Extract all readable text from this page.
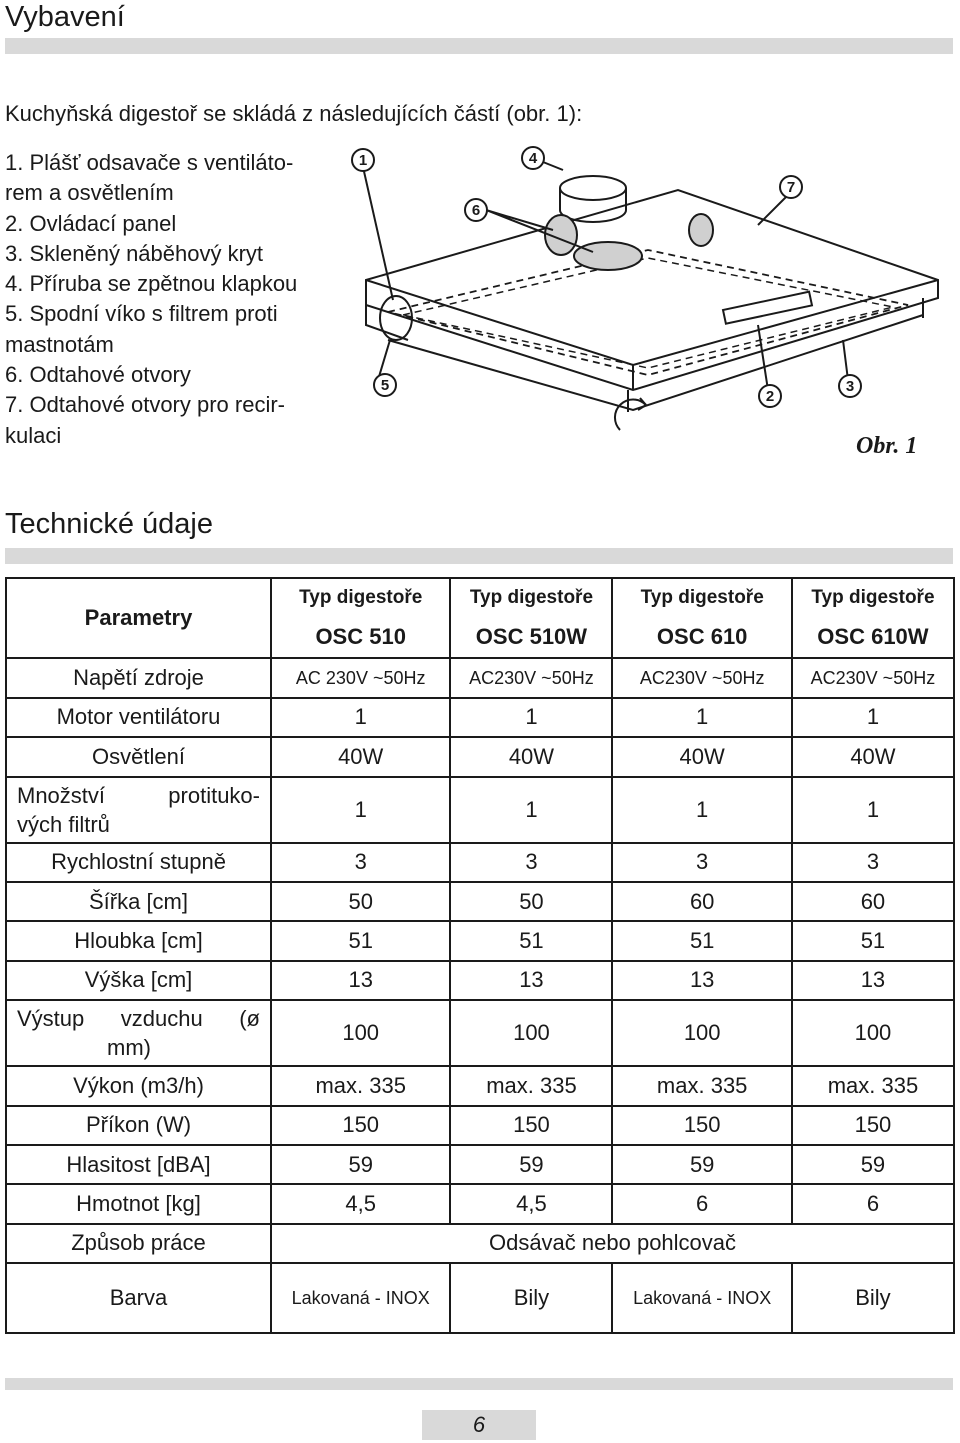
Vybavení
Kuchyňská digestoř se skládá z následujících částí (obr. 1):
1. Plášť odsavače s ventiláto-
rem a osvětlením
2. Ovládací panel
3. Skleněný náběhový kryt
4. Příruba se zpětnou klapkou
5. Spodní víko s filtrem proti
mastnotám
6. Odtahové otvory
7. Odtahové otvory pro recir-
kulaci
1
2
3
4
5
6
7
Obr. 1
Technické údaje
Parametry	Typ digestoře	Typ digestoře	Typ digestoře	Typ digestoře
	OSC 510	OSC 510W	OSC 610	OSC 610W
Napětí zdroje	AC 230V ~50Hz	AC230V ~50Hz	AC230V ~50Hz	AC230V ~50Hz
Motor ventilátoru	1	1	1	1
Osvětlení	40W	40W	40W	40W

Množství protituko-
vých filtrů	1	1	1	1
Rychlostní stupně	3	3	3	3
Šířka [cm]	50	50	60	60
Hloubka [cm]	51	51	51	51
Výška [cm]	13	13	13	13

Výstup vzduchu (ø
mm)	100	100	100	100
Výkon (m3/h)	max. 335	max. 335	max. 335	max. 335
Příkon (W)	150	150	150	150
Hlasitost [dBA]	59	59	59	59
Hmotnot [kg]	4,5	4,5	6	6
Způsob práce	Odsávač nebo pohlcovač			
Barva	Lakovaná - INOX	Bily	Lakovaná - INOX	Bily
6
